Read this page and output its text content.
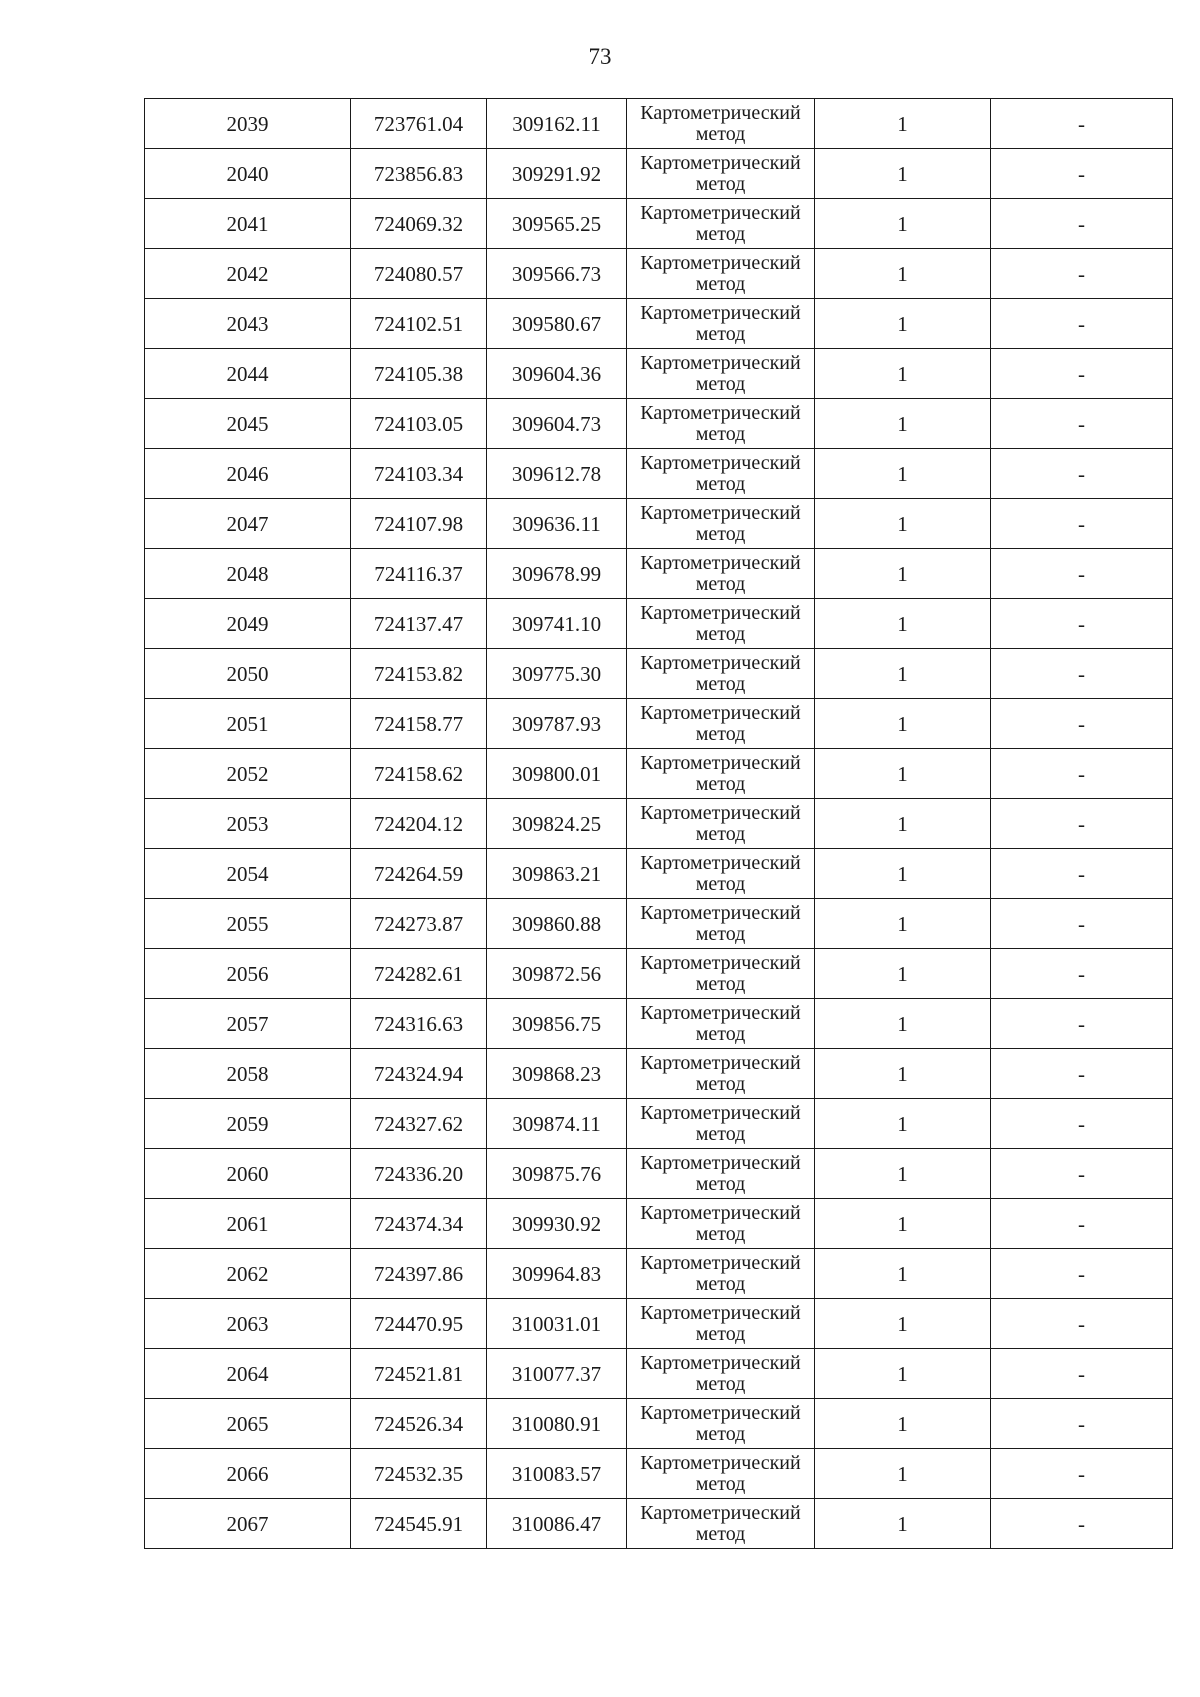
73
2039	723761.04	309162.11	Картометрический
метод	1	-
2040	723856.83	309291.92	Картометрический
метод	1	-
2041	724069.32	309565.25	Картометрический
метод	1	-
2042	724080.57	309566.73	Картометрический
метод	1	-
2043	724102.51	309580.67	Картометрический
метод	1	-
2044	724105.38	309604.36	Картометрический
метод	1	-
2045	724103.05	309604.73	Картометрический
метод	1	-
2046	724103.34	309612.78	Картометрический
метод	1	-
2047	724107.98	309636.11	Картометрический
метод	1	-
2048	724116.37	309678.99	Картометрический
метод	1	-
2049	724137.47	309741.10	Картометрический
метод	1	-
2050	724153.82	309775.30	Картометрический
метод	1	-
2051	724158.77	309787.93	Картометрический
метод	1	-
2052	724158.62	309800.01	Картометрический
метод	1	-
2053	724204.12	309824.25	Картометрический
метод	1	-
2054	724264.59	309863.21	Картометрический
метод	1	-
2055	724273.87	309860.88	Картометрический
метод	1	-
2056	724282.61	309872.56	Картометрический
метод	1	-
2057	724316.63	309856.75	Картометрический
метод	1	-
2058	724324.94	309868.23	Картометрический
метод	1	-
2059	724327.62	309874.11	Картометрический
метод	1	-
2060	724336.20	309875.76	Картометрический
метод	1	-
2061	724374.34	309930.92	Картометрический
метод	1	-
2062	724397.86	309964.83	Картометрический
метод	1	-
2063	724470.95	310031.01	Картометрический
метод	1	-
2064	724521.81	310077.37	Картометрический
метод	1	-
2065	724526.34	310080.91	Картометрический
метод	1	-
2066	724532.35	310083.57	Картометрический
метод	1	-
2067	724545.91	310086.47	Картометрический
метод	1	-
